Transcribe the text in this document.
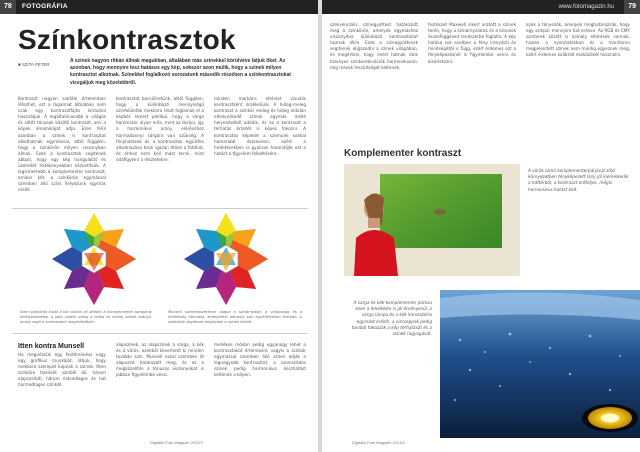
78	FOTOGRÁFIA
Színkontrasztok
■ SZITA PÉTER
A színek nagyon ritkán állnak magukban, általában más színekkel körülvéve látjuk őket. Az azonban, hogy mennyire lesz hatásos egy kép, sokszor azon múlik, hogy a színek milyen kontrasztot alkotnak. Színekkel foglalkozó sorozatunk második részében a színkontrasztokat vizsgáljuk meg közelebbről.
Kontraszt nagyon sokféle értelemben létezhet, ezt a fogalmat általában nem csak egy kontrasztfajta leírására használjuk. A legáltalánosabb a világos és sötét tónusok közötti kontraszt, ami a képek dinamikáját adja. Ezen felül azonban a színek is kontrasztot alkothatnak egymással, attól függően, hogy a színkörön milyen viszonyban állnak. Ezek a kontrasztok segítenek abban, hogy egy kép hangulatát és üzenetét hatékonyabban közvetítsük. A legismertebb a komplementer kontraszt, amikor két, a színkörön egymással szemben álló színt helyezünk egymás mellé.
kontrasztot becsülhetünk, attól függően, hogy a különböző mennyiségű színfelületek mekkora részt foglalnak el a képből. Ismert például, hogy a sárga háromszor olyan erős, mint az ibolya, így a harmonikus arány eléréséhez harmadannyi sárgára van szükség. A fényhatások és a kontrasztok együttes alkalmazása teszi igazán élővé a fotókat, és ehhez nem kell mást tenni, mint odafigyelni a részletekre.
minden markáns eltérést vizuális kontrasztként érzékelünk. A hideg-meleg kontraszt a színkör meleg és hideg oldalán elhelyezkedő színek egymás mellé helyezéséből adódik, és ez a kontraszt a térhatás érzetét is képes fokozni. A kontrasztos képeket a szemünk sokkal hamarabb észreveszi, ezért a hirdetésekben is gyakran használják ezt a hatást a figyelem felkeltésére.
Ezen színkörök közül a bal oldalin jól látható a komplementer színpárok elhelyezkedése, a jobb oldalin pedig a hideg és meleg színek aránya, amely segít a kontrasztok megértésében.
Munsell színrendszerének alapja a színárnyalat, a világosság és a telítettség hármasa, amelyekkel bármely szín egyértelműen leírható. A színkörök segítenek eligazodni a színek között.
Itten kontra Munsell
Ha megnézzük egy festőművész vagy egy grafikus munkáját, látjuk, hogy mekkora szerepet kapnak a színek. Itten színköre tizenkét színből áll, három alapszínből, három másodlagos és hat harmadlagos színből.
alapszínek, az alapszínek a sárga, a kék és a vörös, ezekből keverhető ki minden további szín. Munsell ezzel szemben öt alapszínt határozott meg, és ez a megközelítés a tónusos viszonyokat is jobban figyelembe veszi.
mellékes módon pedig ugyanúgy lehet a kontrasztokat értelmezni, vagyis a színkör egymással szemben álló színei adják a legnagyobb kontrasztot, a szomszédos színek pedig harmonikus összhatást keltenek a képen.
Digitális Fotó Magazin 2013/3
www.fotomagazin.hu	79
szekvenciális színegyüttest határozott meg a színkörön, amelyek egymáshoz viszonyítva különböző kontrasztokat hoznak létre. Ezek a színegyüttesek segítenek eligazodni a színek világában, és megérteni, hogy miért hatnak ránk bizonyos színkombinációk harmonikusan, míg mások feszültséget keltenek.
festészet Maxwell sikert aratott a színek terén, hogy a színárnyalatok és a tónusok összefüggéseit rendszerbe foglalta. A kép hatása sok esetben a fény irányától és minőségétől is függ, ezért érdemes ezt a fényképezésnél is figyelembe venni és kísérletezni.
azok a tényezők, amelyek meghatározzák, hogy egy színpár mennyire hat erősen. Az RGB és CMY színterek között is komoly eltérések vannak, hiszen a nyomtatásban és a monitoron megjelenített színek nem mindig egyeznek meg, ezért érdemes kalibrált eszközöket használni.
Komplementer kontraszt
A vörös színű komplementerpárjával zöld környezetben fényképezett lány jól kiemelkedik a háttérből, a kontraszt erőteljes, mégis harmonikus hatást kelt.
A sárga és kék komplementer párosa ezen a felvételen is jól érvényesül, a sárga lámpa és a kék karosszéria egymást erősíti, a vízcseppek pedig tovább fokozzák a kép térhatását és a színek ragyogását.
Digitális Fotó Magazin 2013/3
